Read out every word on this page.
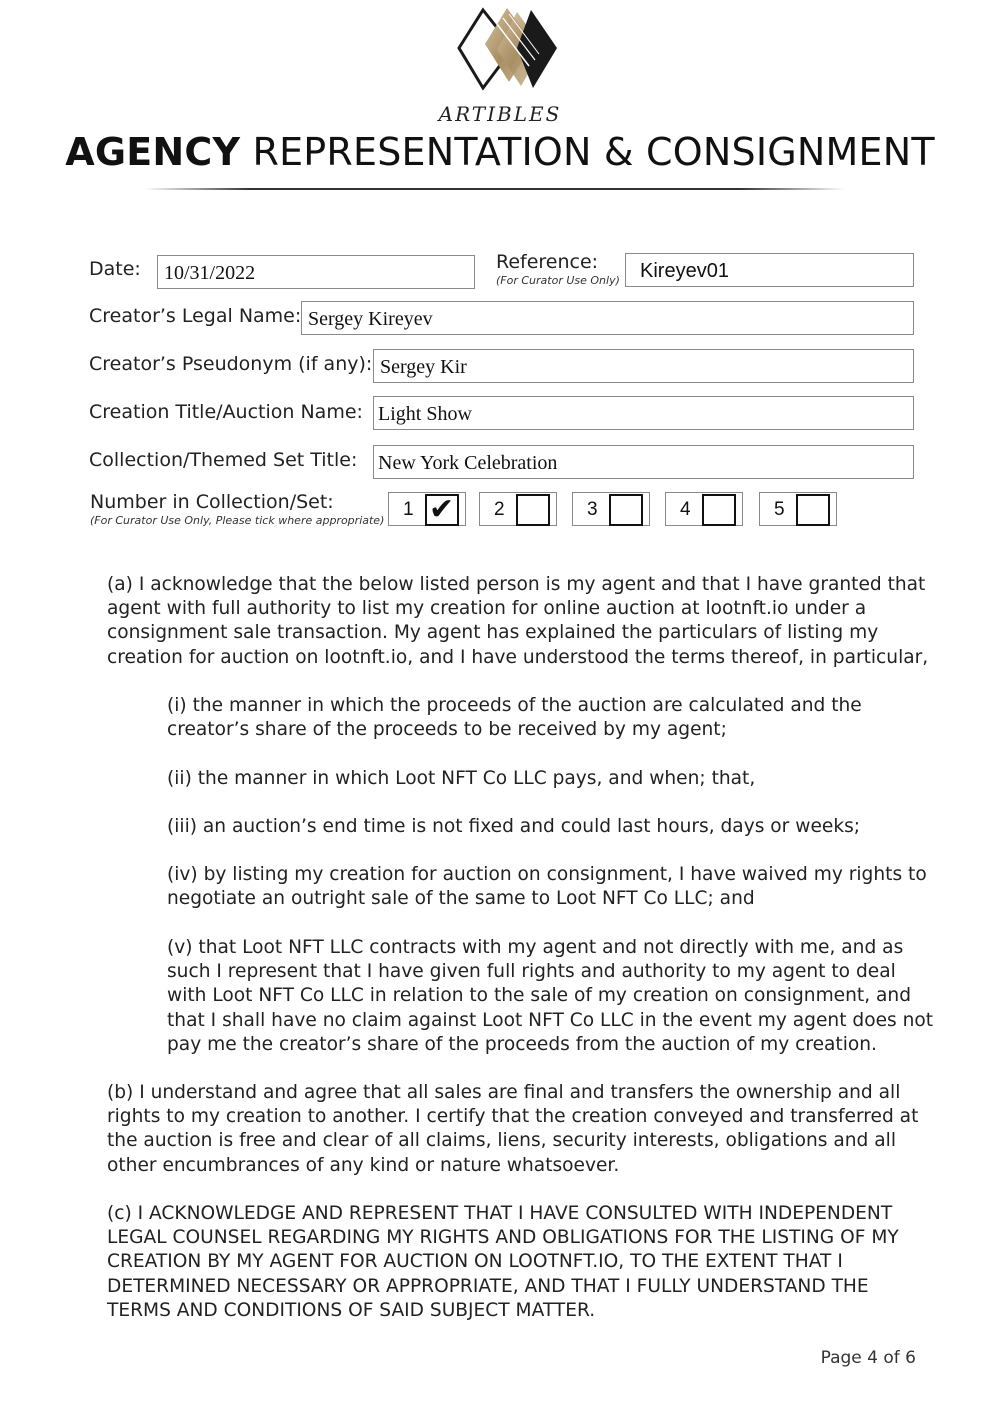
ARTIBLES
AGENCY REPRESENTATION & CONSIGNMENT
Date: 10/31/2022	Reference:
(For Curator Use Only) Kireyev01
Creator’s Legal Name: Sergey Kireyev
Creator’s Pseudonym (if any): Sergey Kir
Creation Title/Auction Name: Light Show
Collection/Themed Set Title: New York Celebration
Number in Collection/Set:
(For Curator Use Only, Please tick where appropriate)
1 ✔ 2	3	4	5

(a) I acknowledge that the below listed person is my agent and that I have granted that agent with full authority to list my creation for online auction at lootnft.io under a consignment sale transaction. My agent has explained the particulars of listing my creation for auction on lootnft.io, and I have understood the terms thereof, in particular,

(i) the manner in which the proceeds of the auction are calculated and the creator’s share of the proceeds to be received by my agent;

(ii) the manner in which Loot NFT Co LLC pays, and when; that,

(iii) an auction’s end time is not fixed and could last hours, days or weeks;

(iv) by listing my creation for auction on consignment, I have waived my rights to negotiate an outright sale of the same to Loot NFT Co LLC; and

(v) that Loot NFT LLC contracts with my agent and not directly with me, and as such I represent that I have given full rights and authority to my agent to deal with Loot NFT Co LLC in relation to the sale of my creation on consignment, and that I shall have no claim against Loot NFT Co LLC in the event my agent does not pay me the creator’s share of the proceeds from the auction of my creation.

(b) I understand and agree that all sales are final and transfers the ownership and all rights to my creation to another. I certify that the creation conveyed and transferred at the auction is free and clear of all claims, liens, security interests, obligations and all other encumbrances of any kind or nature whatsoever.

(c) I ACKNOWLEDGE AND REPRESENT THAT I HAVE CONSULTED WITH INDEPENDENT LEGAL COUNSEL REGARDING MY RIGHTS AND OBLIGATIONS FOR THE LISTING OF MY CREATION BY MY AGENT FOR AUCTION ON LOOTNFT.IO, TO THE EXTENT THAT I DETERMINED NECESSARY OR APPROPRIATE, AND THAT I FULLY UNDERSTAND THE TERMS AND CONDITIONS OF SAID SUBJECT MATTER.

Page 4 of 6
